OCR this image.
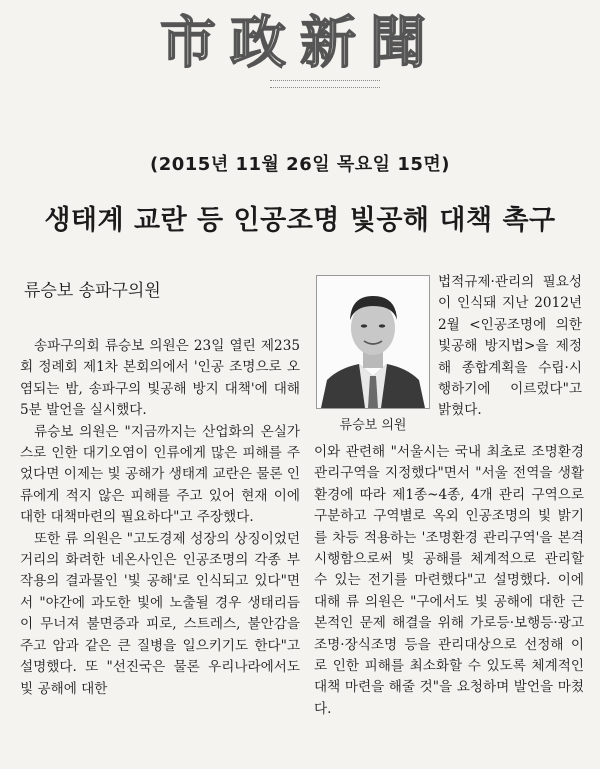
市政新聞
(2015년 11월 26일 목요일 15면)
생태계 교란 등 인공조명 빛공해 대책 촉구
류승보 송파구의원
류승보 의원

송파구의회 류승보 의원은 23일 열린 제235회 정례회 제1차 본회의에서 '인공 조명으로 오염되는 밤, 송파구의 빛공해 방지 대책'에 대해 5분 발언을 실시했다.

류승보 의원은 "지금까지는 산업화의 온실가스로 인한 대기오염이 인류에게 많은 피해를 주었다면 이제는 빛 공해가 생태계 교란은 물론 인류에게 적지 않은 피해를 주고 있어 현재 이에 대한 대책마련의 필요하다"고 주장했다.

또한 류 의원은 "고도경제 성장의 상징이었던 거리의 화려한 네온사인은 인공조명의 각종 부작용의 결과물인 '빛 공해'로 인식되고 있다"면서 "야간에 과도한 빛에 노출될 경우 생태리듬이 무너져 불면증과 피로, 스트레스, 불안감을 주고 암과 같은 큰 질병을 일으키기도 한다"고 설명했다. 또 "선진국은 물론 우리나라에서도 빛 공해에 대한

법적규제·관리의 필요성이 인식돼 지난 2012년 2월 <인공조명에 의한 빛공해 방지법>을 제정해 종합계획을 수립·시행하기에 이르렀다"고 밝혔다.

이와 관련해 "서울시는 국내 최초로 조명환경관리구역을 지정했다"면서 "서울 전역을 생활환경에 따라 제1종~4종, 4개 관리 구역으로 구분하고 구역별로 옥외 인공조명의 빛 밝기를 차등 적용하는 '조명환경 관리구역'을 본격 시행함으로써 빛 공해를 체계적으로 관리할 수 있는 전기를 마련했다"고 설명했다. 이에 대해 류 의원은 "구에서도 빛 공해에 대한 근본적인 문제 해결을 위해 가로등·보행등·광고조명·장식조명 등을 관리대상으로 선정해 이로 인한 피해를 최소화할 수 있도록 체계적인 대책 마련을 해줄 것"을 요청하며 발언을 마쳤다.
